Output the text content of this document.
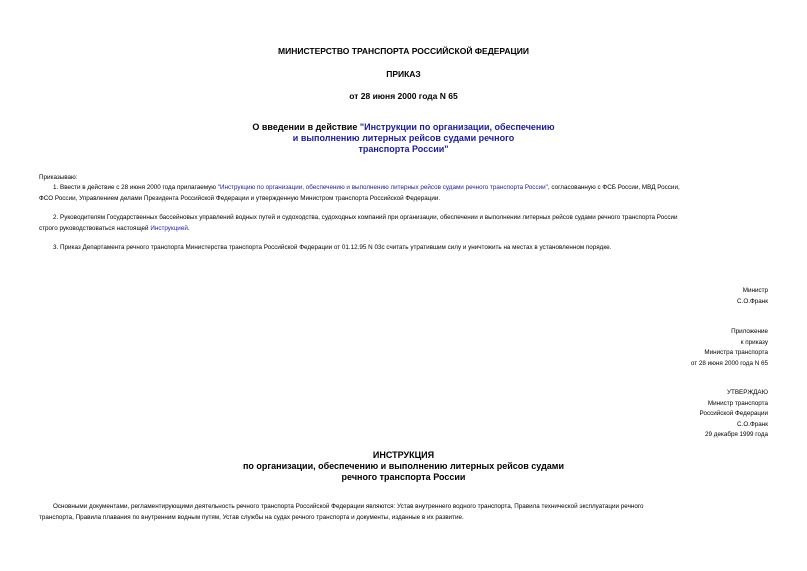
МИНИСТЕРСТВО ТРАНСПОРТА РОССИЙСКОЙ ФЕДЕРАЦИИ
ПРИКАЗ
от 28 июня 2000 года N 65
О введении в действие "Инструкции по организации, обеспечению
и выполнению литерных рейсов судами речного
транспорта России"
Приказываю:
1. Ввести в действие с 28 июня 2000 года прилагаемую "Инструкцию по организации, обеспечению и выполнению литерных рейсов судами речного транспорта России", согласованную с ФСБ России, МВД России,
ФСО России, Управлением делами Президента Российской Федерации и утвержденную Министром транспорта Российской Федерации.
2. Руководителям Государственных бассейновых управлений водных путей и судоходства, судоходных компаний при организации, обеспечении и выполнении литерных рейсов судами речного транспорта России
строго руководствоваться настоящей Инструкцией.
3. Приказ Департамента речного транспорта Министерства транспорта Российской Федерации от 01.12.95 N 03с считать утратившим силу и уничтожить на местах в установленном порядке.
Министр
С.О.Франк
Приложение
к приказу
Министра транспорта
от 28 июня 2000 года N 65
УТВЕРЖДАЮ
Министр транспорта
Российской Федерации
С.О.Франк
29 декабря 1999 года
ИНСТРУКЦИЯ
по организации, обеспечению и выполнению литерных рейсов судами
речного транспорта России
Основными документами, регламентирующими деятельность речного транспорта Российской Федерации являются: Устав внутреннего водного транспорта, Правила технической эксплуатации речного
транспорта, Правила плавания по внутренним водным путям, Устав службы на судах речного транспорта и документы, изданные в их развитие.
